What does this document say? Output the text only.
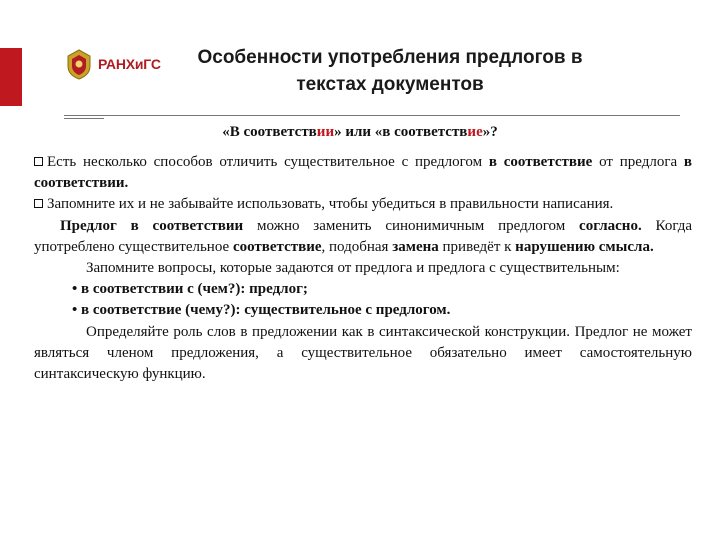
РАНХиГС	Особенности употребления предлогов в
текстах документов
«В соответствии» или «в соответствие»?

Есть несколько способов отличить существительное с предлогом в соответствие от предлога в соответствии.

Запомните их и не забывайте использовать, чтобы убедиться в правильности написания.

Предлог в соответствии можно заменить синонимичным предлогом согласно. Когда употреблено существительное соответствие, подобная замена приведёт к нарушению смысла.

Запомните вопросы, которые задаются от предлога и предлога с существительным:

• в соответствии с (чем?): предлог;

• в соответствие (чему?): существительное с предлогом.

Определяйте роль слов в предложении как в синтаксической конструкции. Предлог не может являться членом предложения, а существительное обязательно имеет самостоятельную синтаксическую функцию.
